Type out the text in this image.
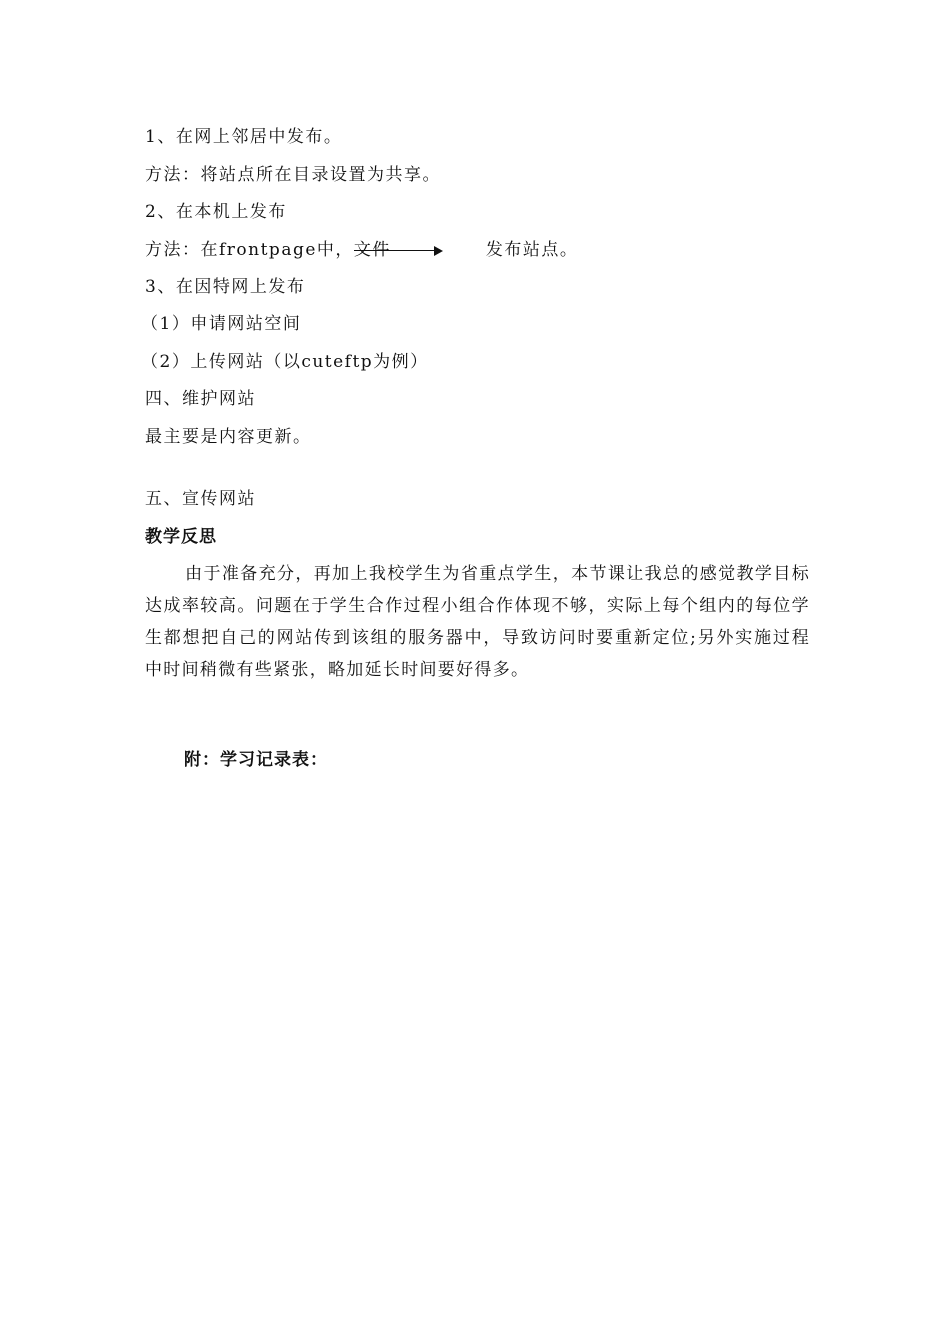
1、在网上邻居中发布。
方法：将站点所在目录设置为共享。
2、在本机上发布
方法：在frontpage中， 文件	发布站点。
3、在因特网上发布
（1）申请网站空间
（2）上传网站（以cuteftp为例）
四、维护网站
最主要是内容更新。
五、宣传网站
教学反思
由于准备充分，再加上我校学生为省重点学生，本节课让我总的感觉教学目标达成率较高。问题在于学生合作过程小组合作体现不够，实际上每个组内的每位学生都想把自己的网站传到该组的服务器中，导致访问时要重新定位;另外实施过程中时间稍微有些紧张，略加延长时间要好得多。
附：学习记录表：
